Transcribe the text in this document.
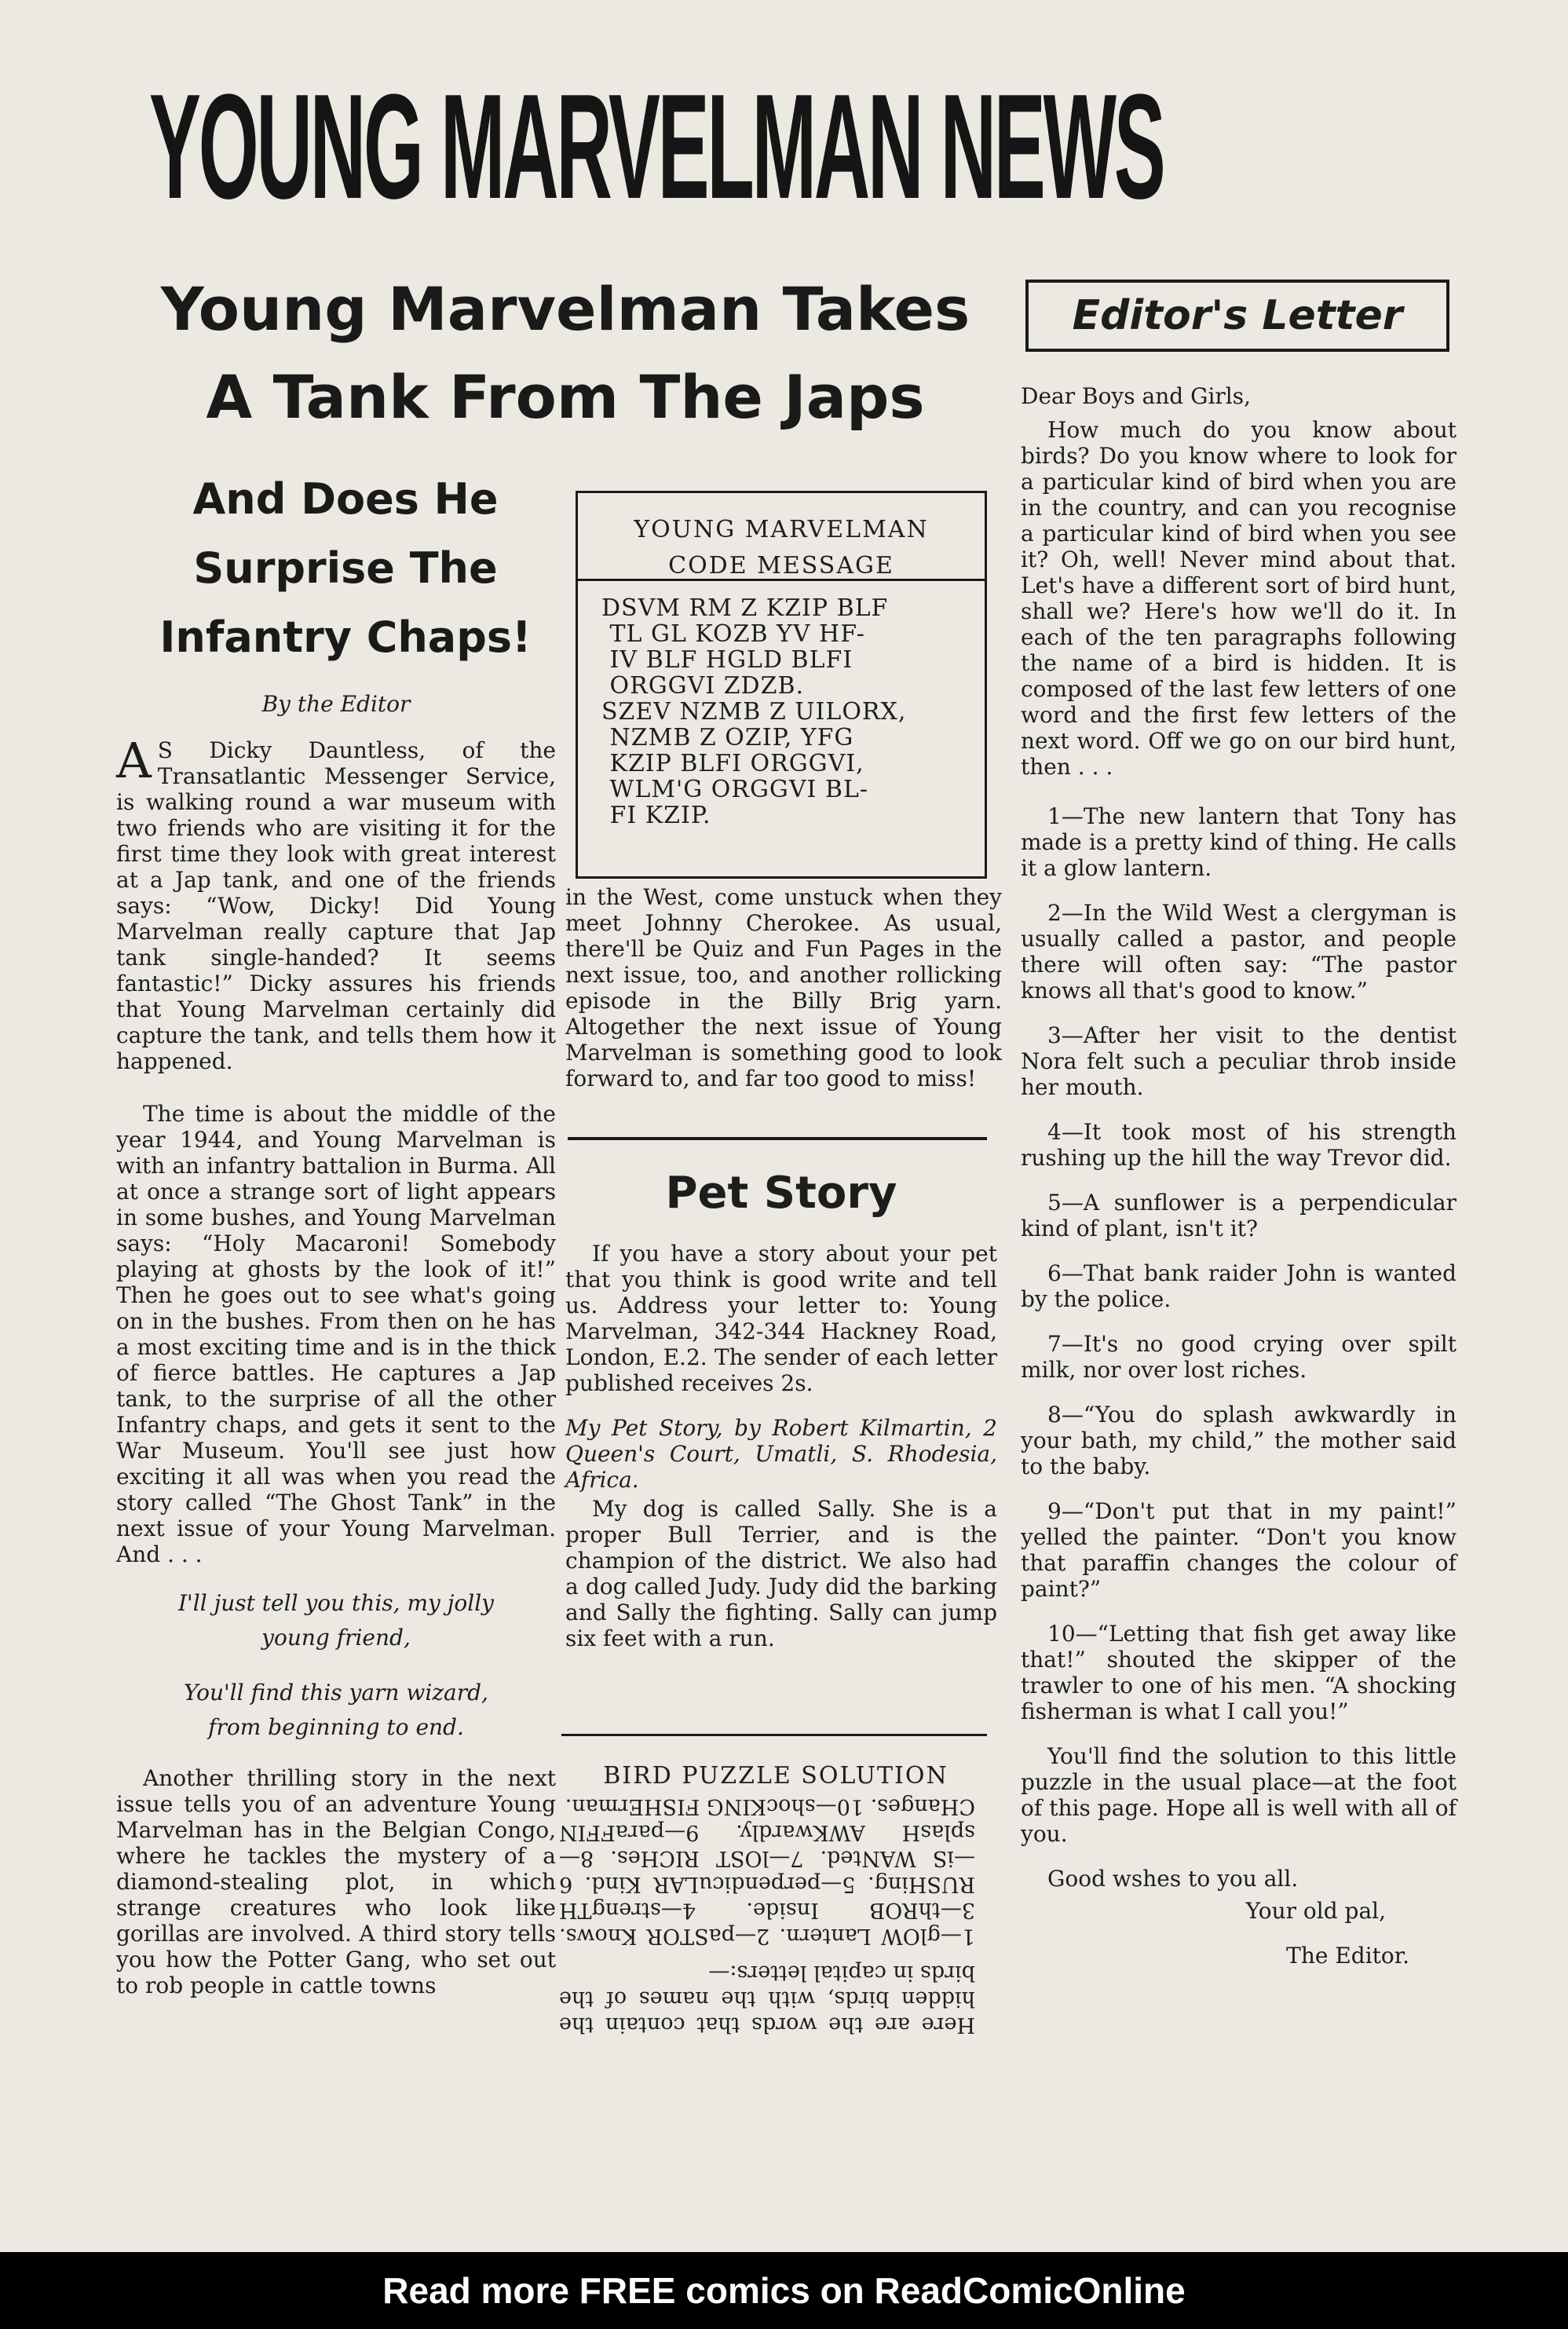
YOUNG MARVELMAN NEWS
Young Marvelman Takes
A Tank From The Japs
And Does He
Surprise The
Infantry Chaps!
Editor's Letter
By the Editor

A S Dicky Dauntless, of the Transatlantic Messenger Service, is walking round a war museum with two friends who are visiting it for the first time they look with great interest at a Jap tank, and one of the friends says: “Wow, Dicky! Did Young Marvelman really capture that Jap tank single-handed? It seems fantastic!” Dicky assures his friends that Young Marvelman certainly did capture the tank, and tells them how it happened.

The time is about the middle of the year 1944, and Young Marvelman is with an infantry battalion in Burma. All at once a strange sort of light appears in some bushes, and Young Marvelman says: “Holy Macaroni! Somebody playing at ghosts by the look of it!” Then he goes out to see what's going on in the bushes. From then on he has a most exciting time and is in the thick of fierce battles. He captures a Jap tank, to the surprise of all the other Infantry chaps, and gets it sent to the War Museum. You'll see just how exciting it all was when you read the story called “The Ghost Tank” in the next issue of your Young Marvelman. And . . .

I'll just tell you this, my jolly
young friend,
You'll find this yarn wizard,
from beginning to end.

Another thrilling story in the next issue tells you of an adventure Young Marvelman has in the Belgian Congo, where he tackles the mystery of a diamond-stealing plot, in which strange creatures who look like gorillas are involved. A third story tells you how the Potter Gang, who set out to rob people in cattle towns

YOUNG MARVELMAN
CODE MESSAGE
DSVM RM Z KZIP BLF
TL GL KOZB YV HF-
IV BLF HGLD BLFI
ORGGVI ZDZB.
SZEV NZMB Z UILORX,
NZMB Z OZIP, YFG
KZIP BLFI ORGGVI,
WLM'G ORGGVI BL-
FI KZIP.

in the West, come unstuck when they meet Johnny Cherokee. As usual, there'll be Quiz and Fun Pages in the next issue, too, and another rollicking episode in the Billy Brig yarn. Altogether the next issue of Young Marvelman is something good to look forward to, and far too good to miss!

Pet Story

If you have a story about your pet that you think is good write and tell us. Address your letter to: Young Marvelman, 342-344 Hackney Road, London, E.2. The sender of each letter published receives 2s.

My Pet Story, by Robert Kilmartin, 2 Queen's Court, Umatli, S. Rhodesia, Africa.

My dog is called Sally. She is a proper Bull Terrier, and is the champion of the district. We also had a dog called Judy. Judy did the barking and Sally the fighting. Sally can jump six feet with a run.

BIRD PUZZLE SOLUTION

Here are the words that contain the hidden birds, with the names of the birds in capital letters:—

1—glOW Lantern. 2—paSTOR Knows. 3—thROB Inside. 4—strengTH RUSHing. 5—perpendicuLAR Kind. 6—iS WANted. 7—lOST RICHes. 8—splasH AWKwardly. 9—paraFFIN CHanges. 10—shocKING FISHErman.

Dear Boys and Girls,

How much do you know about birds? Do you know where to look for a particular kind of bird when you are in the country, and can you recognise a particular kind of bird when you see it? Oh, well! Never mind about that. Let's have a different sort of bird hunt, shall we? Here's how we'll do it. In each of the ten paragraphs following the name of a bird is hidden. It is composed of the last few letters of one word and the first few letters of the next word. Off we go on our bird hunt, then . . .

1—The new lantern that Tony has made is a pretty kind of thing. He calls it a glow lantern.

2—In the Wild West a clergyman is usually called a pastor, and people there will often say: “The pastor knows all that's good to know.”

3—After her visit to the dentist Nora felt such a peculiar throb inside her mouth.

4—It took most of his strength rushing up the hill the way Trevor did.

5—A sunflower is a perpendicular kind of plant, isn't it?

6—That bank raider John is wanted by the police.

7—It's no good crying over spilt milk, nor over lost riches.

8—“You do splash awkwardly in your bath, my child,” the mother said to the baby.

9—“Don't put that in my paint!” yelled the painter. “Don't you know that paraffin changes the colour of paint?”

10—“Letting that fish get away like that!” shouted the skipper of the trawler to one of his men. “A shocking fisherman is what I call you!”

You'll find the solution to this little puzzle in the usual place—at the foot of this page. Hope all is well with all of you.

Good wshes to you all.

Your old pal,

The Editor.

Read more FREE comics on ReadComicOnline
